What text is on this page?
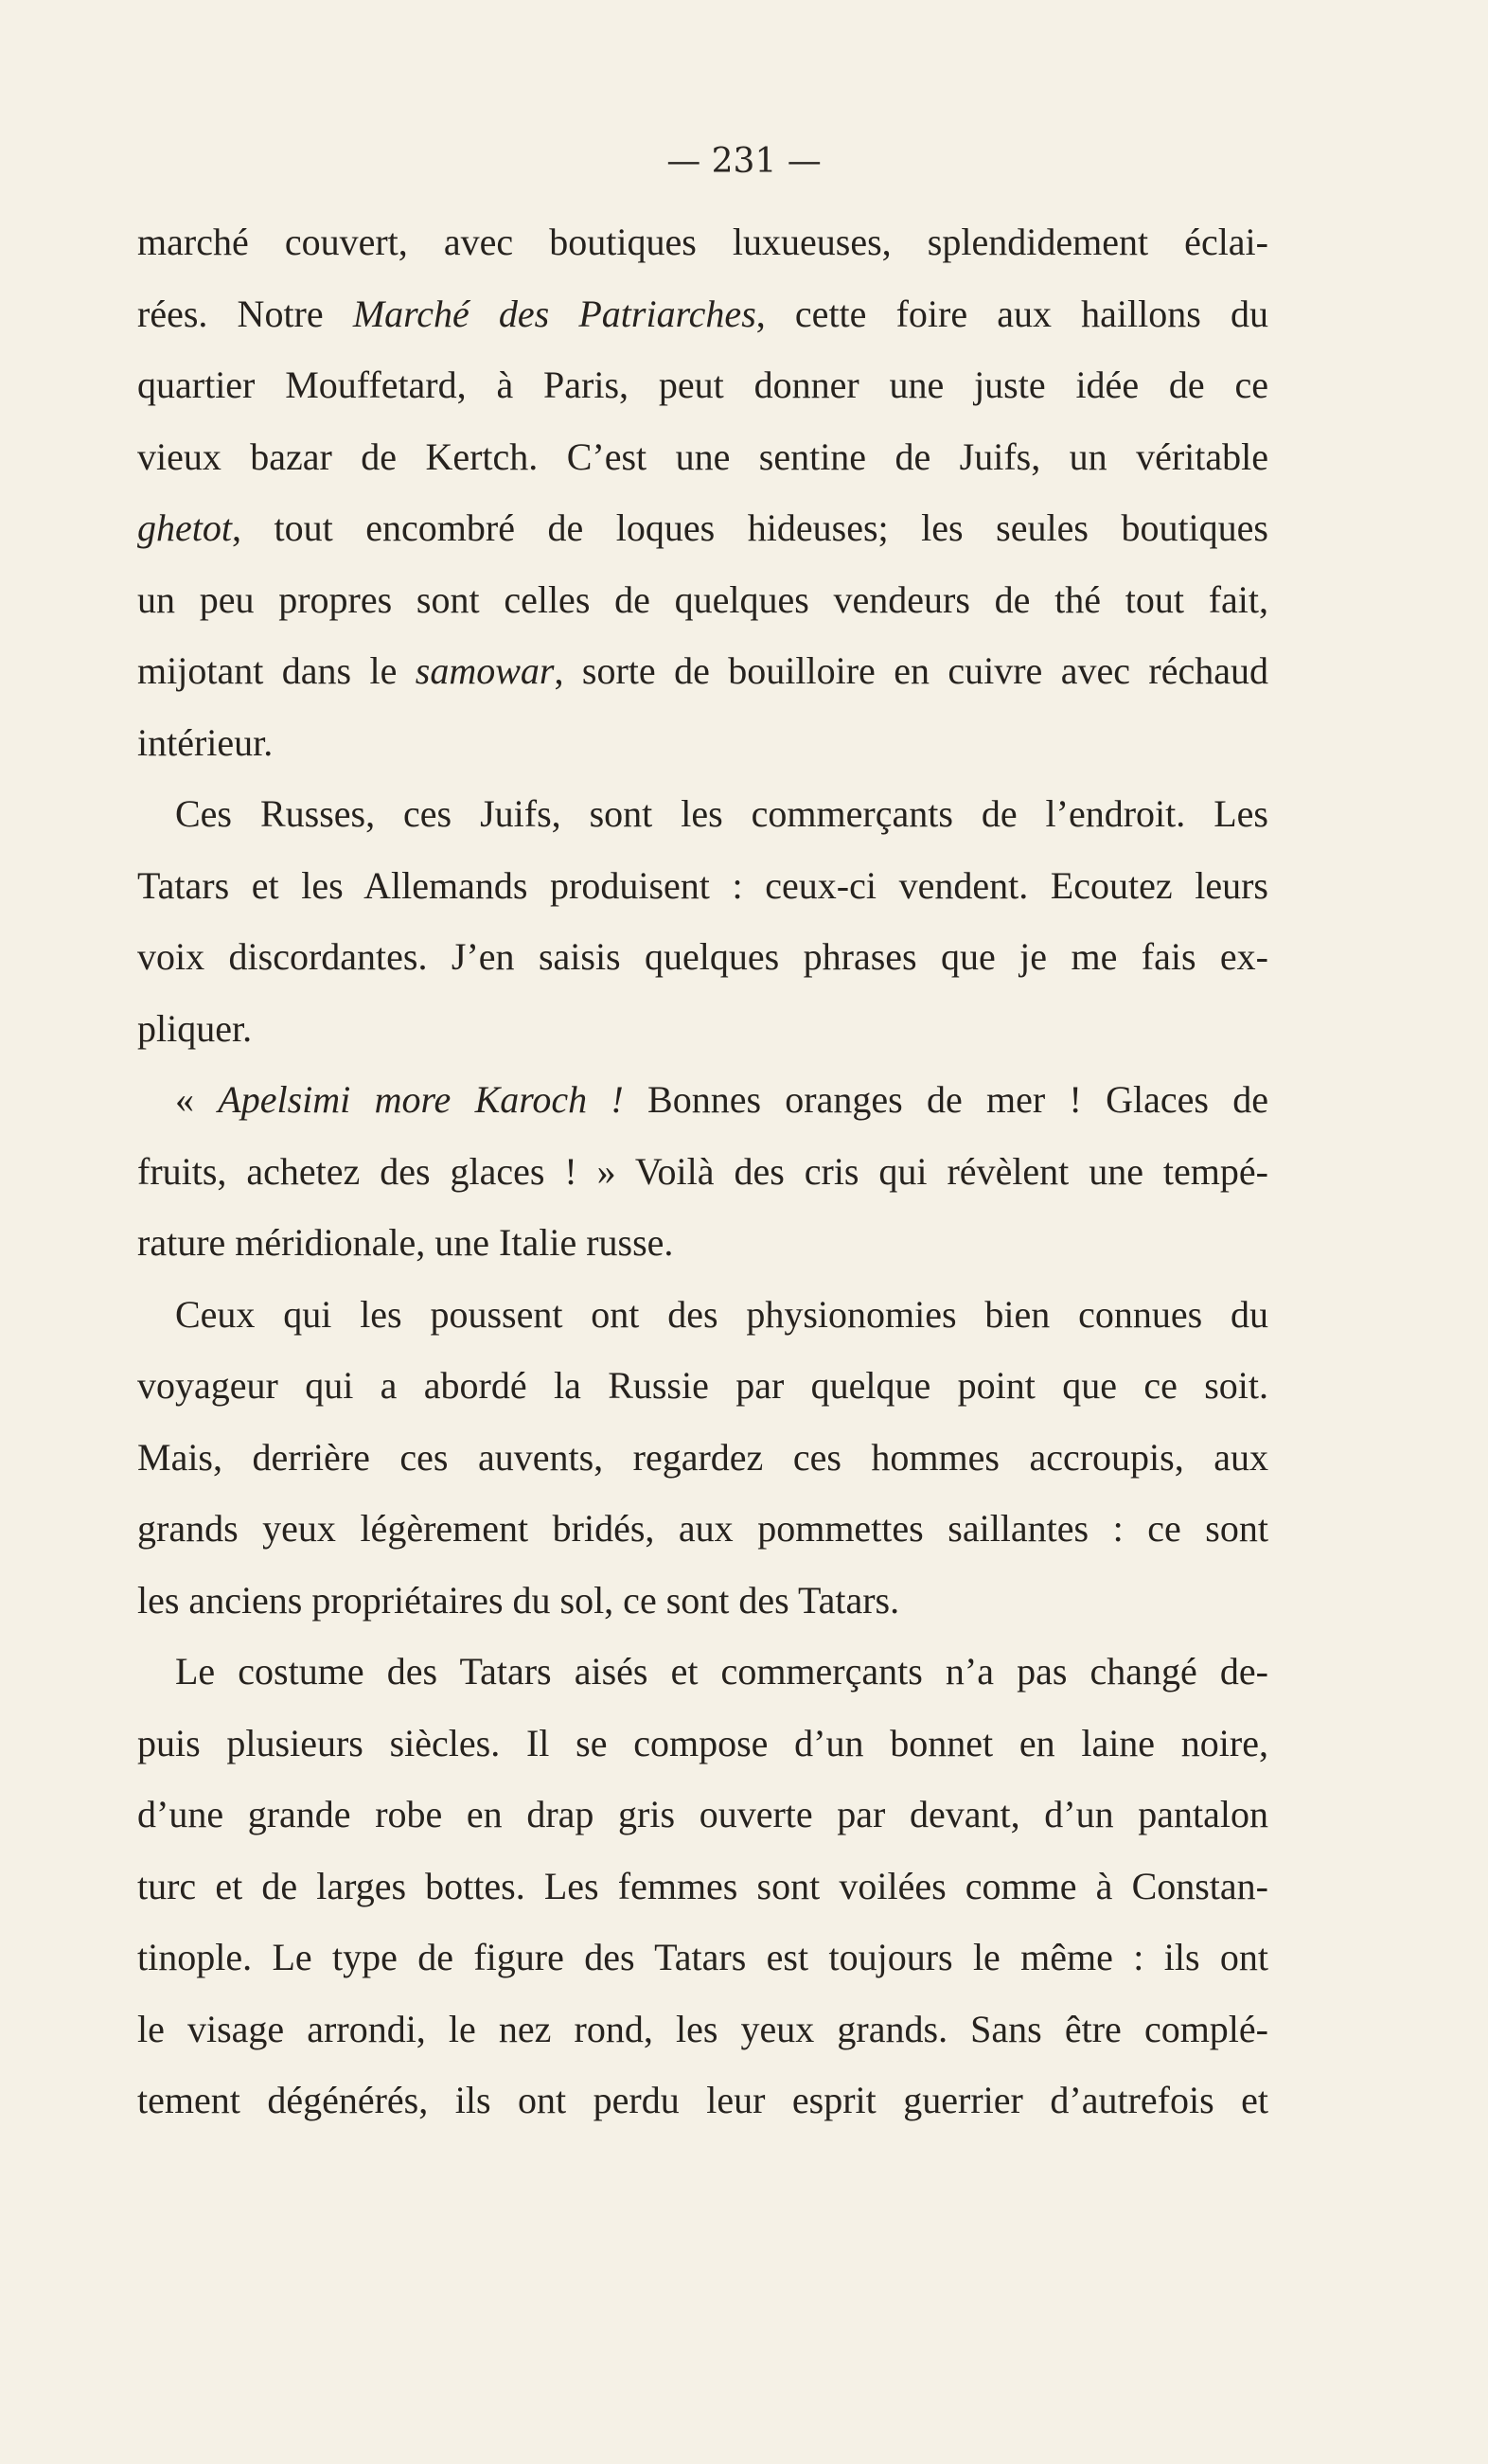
— 231 —
marché couvert, avec boutiques luxueuses, splendidement éclai-
rées. Notre Marché des Patriarches, cette foire aux haillons du
quartier Mouffetard, à Paris, peut donner une juste idée de ce
vieux bazar de Kertch. C’est une sentine de Juifs, un véritable
ghetot, tout encombré de loques hideuses; les seules boutiques
un peu propres sont celles de quelques vendeurs de thé tout fait,
mijotant dans le samowar, sorte de bouilloire en cuivre avec réchaud
intérieur.
Ces Russes, ces Juifs, sont les commerçants de l’endroit. Les
Tatars et les Allemands produisent : ceux-ci vendent. Ecoutez leurs
voix discordantes. J’en saisis quelques phrases que je me fais ex-
pliquer.
« Apelsimi more Karoch ! Bonnes oranges de mer ! Glaces de
fruits, achetez des glaces ! » Voilà des cris qui révèlent une tempé-
rature méridionale, une Italie russe.
Ceux qui les poussent ont des physionomies bien connues du
voyageur qui a abordé la Russie par quelque point que ce soit.
Mais, derrière ces auvents, regardez ces hommes accroupis, aux
grands yeux légèrement bridés, aux pommettes saillantes : ce sont
les anciens propriétaires du sol, ce sont des Tatars.
Le costume des Tatars aisés et commerçants n’a pas changé de-
puis plusieurs siècles. Il se compose d’un bonnet en laine noire,
d’une grande robe en drap gris ouverte par devant, d’un pantalon
turc et de larges bottes. Les femmes sont voilées comme à Constan-
tinople. Le type de figure des Tatars est toujours le même : ils ont
le visage arrondi, le nez rond, les yeux grands. Sans être complé-
tement dégénérés, ils ont perdu leur esprit guerrier d’autrefois et
